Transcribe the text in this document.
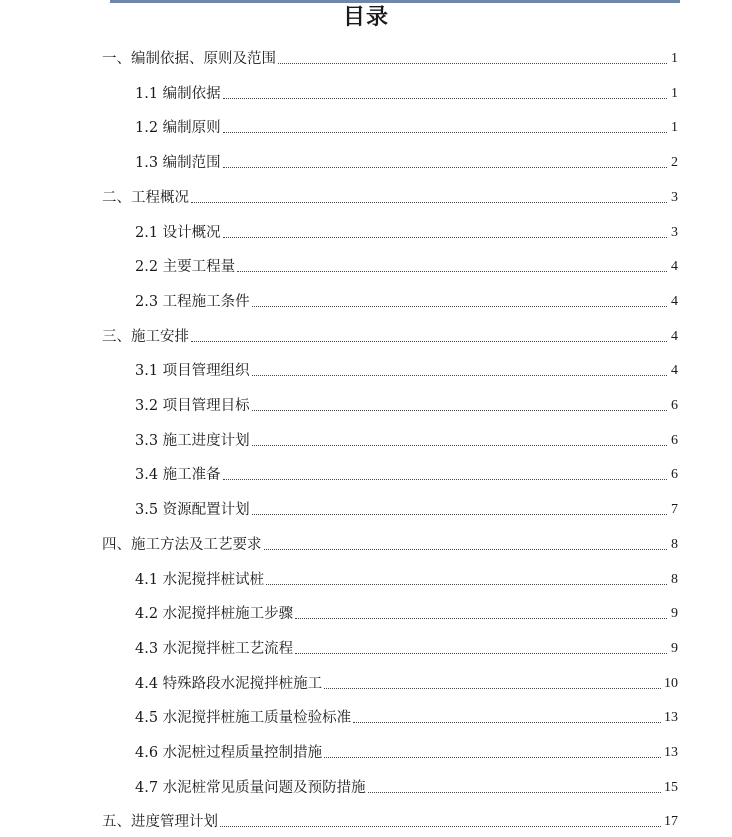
目录
一、编制依据、原则及范围	1
1.1 编制依据	1
1.2 编制原则	1
1.3 编制范围	2
二、工程概况	3
2.1 设计概况	3
2.2 主要工程量	4
2.3 工程施工条件	4
三、施工安排	4
3.1 项目管理组织	4
3.2 项目管理目标	6
3.3 施工进度计划	6
3.4 施工准备	6
3.5 资源配置计划	7
四、施工方法及工艺要求	8
4.1 水泥搅拌桩试桩	8
4.2 水泥搅拌桩施工步骤	9
4.3 水泥搅拌桩工艺流程	9
4.4 特殊路段水泥搅拌桩施工	10
4.5 水泥搅拌桩施工质量检验标准	13
4.6 水泥桩过程质量控制措施	13
4.7 水泥桩常见质量问题及预防措施	15
五、进度管理计划	17
